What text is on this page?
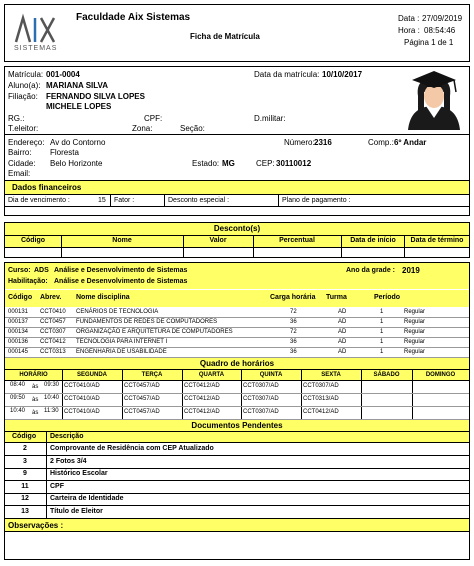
SISTEMAS
Faculdade Aix Sistemas
Ficha de Matrícula
Data : 27/09/2019
Hora : 08:54:46
Página 1 de 1
Matrícula: 001-0004	Data da matrícula: 10/10/2017
Aluno(a): MARIANA SILVA
Filiação: FERNANDO SILVA LOPES
MICHELE LOPES
RG.:	CPF:	D.militar:
T.eleitor:	Zona:	Seção:
Endereço: Av do Contorno	Número: 2316	Comp.: 6º Andar
Bairro: Floresta
Cidade: Belo Horizonte	Estado: MG	CEP: 30110012
Email:
Dados financeiros
Dia de vencimento :	15 Fator :	Desconto especial :	Plano de pagamento :
Desconto(s)
Código	Nome	Valor	Percentual	Data de início	Data de término
Curso: ADS Análise e Desenvolvimento de Sistemas	Ano da grade : 2019
Habilitação: Análise e Desenvolvimento de Sistemas
Código Abrev. Nome disciplina	Carga horária Turma	Período
000131 CCT0410 CENÁRIOS DE TECNOLOGIA	72	AD	1	Regular
000137 CCT0457 FUNDAMENTOS DE REDES DE COMPUTADORES	36	AD	1	Regular
000134 CCT0307 ORGANIZAÇÃO E ARQUITETURA DE COMPUTADORES	72	AD	1	Regular
000136 CCT0412 TECNOLOGIA PARA INTERNET I	36	AD	1	Regular
000145 CCT0313 ENGENHARIA DE USABILIDADE	36	AD	1	Regular
Quadro de horários
HORÁRIO	SEGUNDA	TERÇA	QUARTA	QUINTA	SEXTA	SÁBADO	DOMINGO
08:40 às 09:30 CCT0410/AD	CCT0457/AD	CCT0412/AD	CCT0307/AD	CCT0307/AD
09:50 às 10:40 CCT0410/AD	CCT0457/AD	CCT0412/AD	CCT0307/AD	CCT0313/AD
10:40 às 11:30 CCT0410/AD	CCT0457/AD	CCT0412/AD	CCT0307/AD	CCT0412/AD
Documentos Pendentes
Código Descrição
2	Comprovante de Residência com CEP Atualizado
3	2 Fotos 3/4
9	Histórico Escolar
11	CPF
12	Carteira de Identidade
13	Título de Eleitor
Observações :
